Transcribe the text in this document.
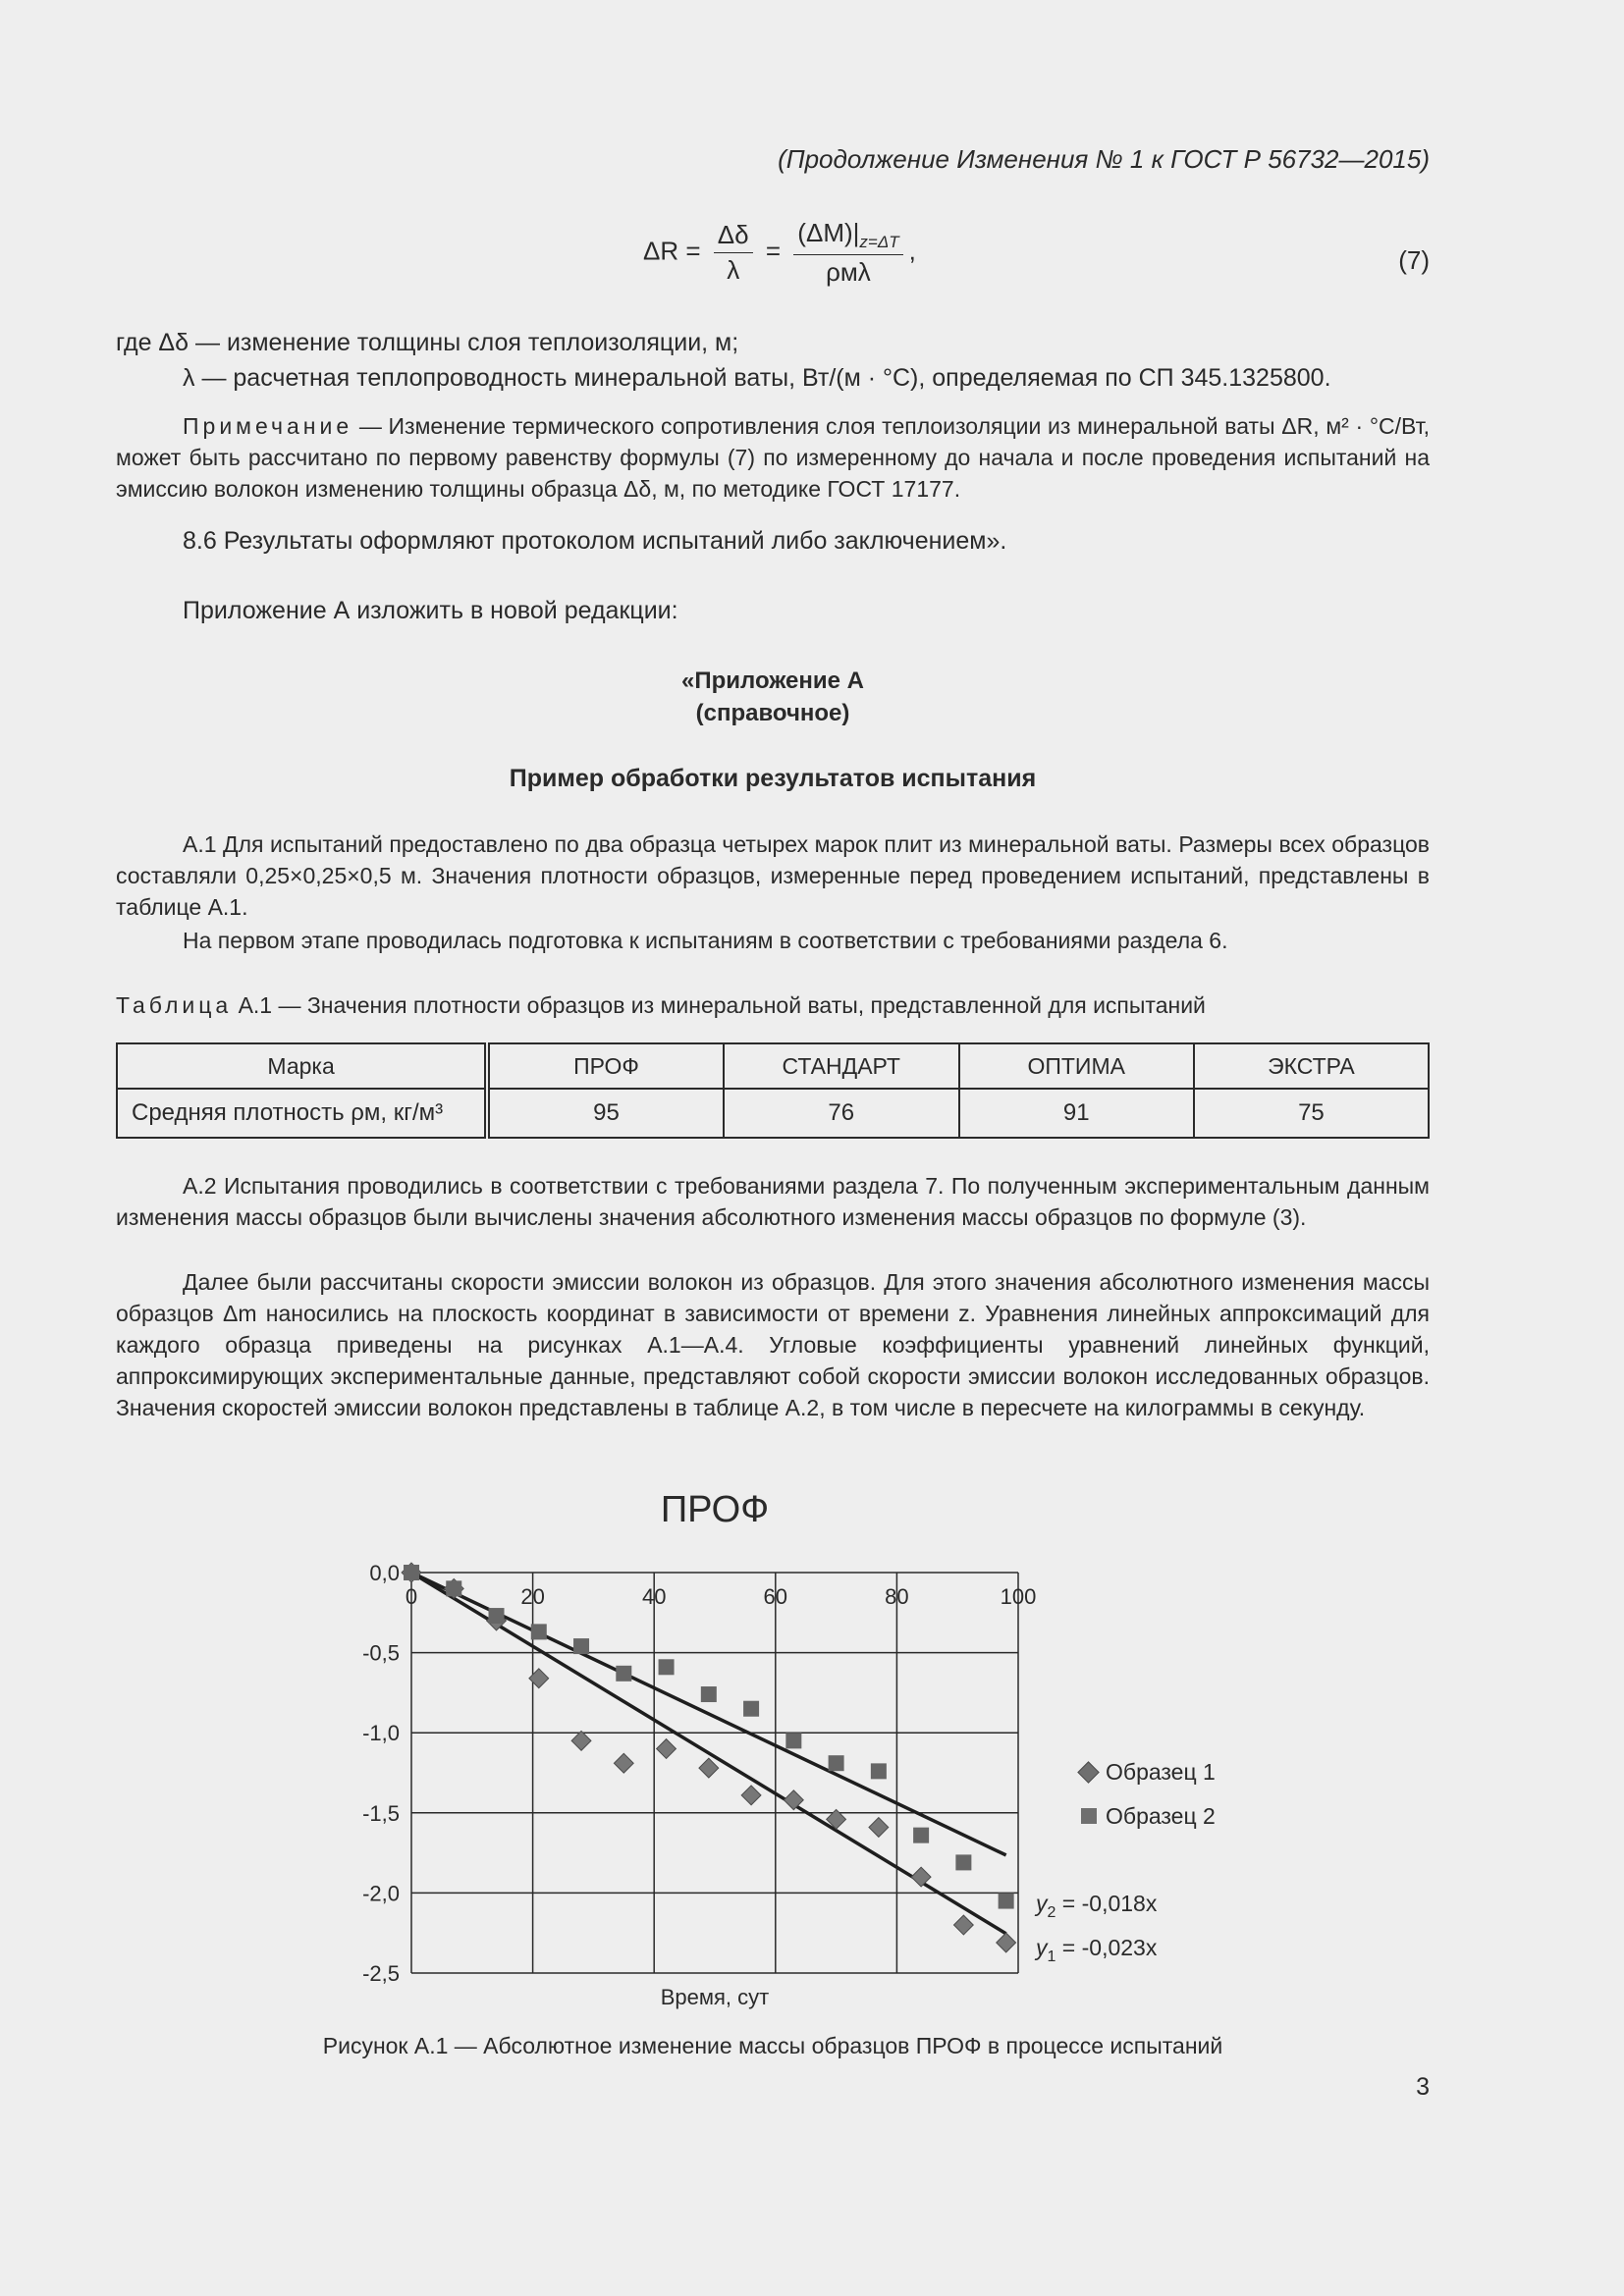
(Продолжение Изменения № 1 к ГОСТ Р 56732—2015)
$\Delta R = \frac{\Delta\delta}{\lambda} = \frac{(\Delta M)|_{z=\Delta T}}{\text{ρмλ}}$ ,	(7)
где Δδ — изменение толщины слоя теплоизоляции, м;
λ — расчетная теплопроводность минеральной ваты, Вт/(м · °С), определяемая по СП 345.1325800.
Примечание — Изменение термического сопротивления слоя теплоизоляции из минеральной ваты ΔR, м² · °С/Вт, может быть рассчитано по первому равенству формулы (7) по измеренному до начала и после проведения испытаний на эмиссию волокон изменению толщины образца Δδ, м, по методике ГОСТ 17177.
8.6 Результаты оформляют протоколом испытаний либо заключением».
Приложение А изложить в новой редакции:
«Приложение А
(справочное)
Пример обработки результатов испытания
А.1 Для испытаний предоставлено по два образца четырех марок плит из минеральной ваты. Размеры всех образцов составляли 0,25×0,25×0,5 м. Значения плотности образцов, измеренные перед проведением испытаний, представлены в таблице А.1.
На первом этапе проводилась подготовка к испытаниям в соответствии с требованиями раздела 6.
Таблица А.1 — Значения плотности образцов из минеральной ваты, представленной для испытаний
Марка	ПРОФ	СТАНДАРТ	ОПТИМА	ЭКСТРА
Средняя плотность ρм, кг/м³	95	76	91	75
А.2 Испытания проводились в соответствии с требованиями раздела 7. По полученным экспериментальным данным изменения массы образцов были вычислены значения абсолютного изменения массы образцов по формуле (3).
Далее были рассчитаны скорости эмиссии волокон из образцов. Для этого значения абсолютного изменения массы образцов Δm наносились на плоскость координат в зависимости от времени z. Уравнения линейных аппроксимаций для каждого образца приведены на рисунках А.1—А.4. Угловые коэффициенты уравнений линейных функций, аппроксимирующих экспериментальные данные, представляют собой скорости эмиссии волокон исследованных образцов. Значения скоростей эмиссии волокон представлены в таблице А.2, в том числе в пересчете на килограммы в секунду.
ПРОФ
0	20	40	60	80	100
0,0
-0,5
-1,0
-1,5
-2,0
-2,5
Время, сут
Образец 1
Образец 2
$y_2 = -0,018x$
$y_1 = -0,023x$
Рисунок А.1 — Абсолютное изменение массы образцов ПРОФ в процессе испытаний
3
